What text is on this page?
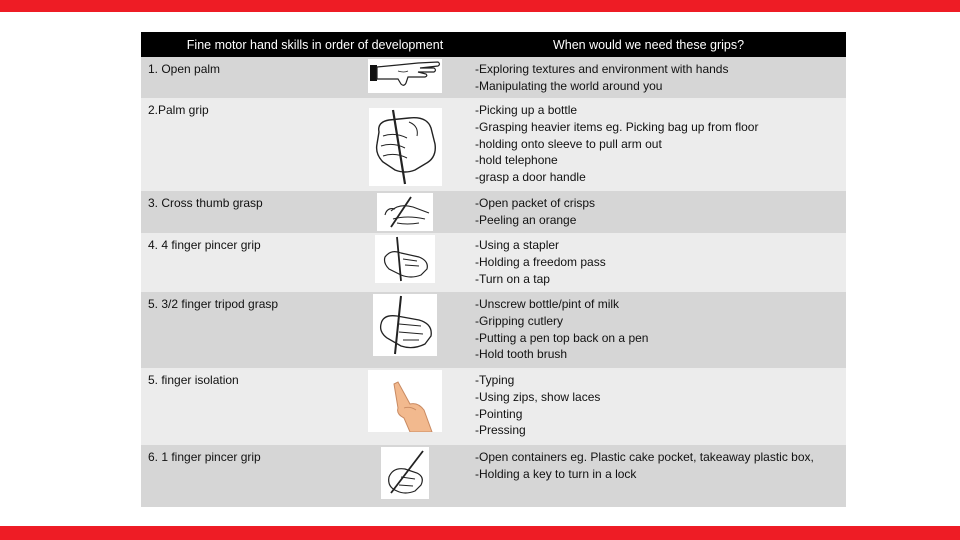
Fine motor hand skills in order of development	When would we need these grips?
1. Open palm	-Exploring textures and environment with hands
-Manipulating the world around you
2.Palm grip	-Picking up a bottle
-Grasping heavier items eg. Picking bag up from floor
-holding onto sleeve to pull arm out
-hold telephone
-grasp a door handle
3. Cross thumb grasp	-Open packet of crisps
-Peeling an orange
4. 4 finger pincer grip	-Using a stapler
-Holding a freedom pass
-Turn on a tap
5. 3/2 finger tripod grasp	-Unscrew bottle/pint of milk
-Gripping cutlery
-Putting a pen top back on a pen
-Hold tooth brush
5. finger isolation	-Typing
-Using zips, show laces
-Pointing
-Pressing
6. 1 finger pincer grip	-Open containers eg. Plastic cake pocket, takeaway plastic box,
-Holding a key to turn in a lock
